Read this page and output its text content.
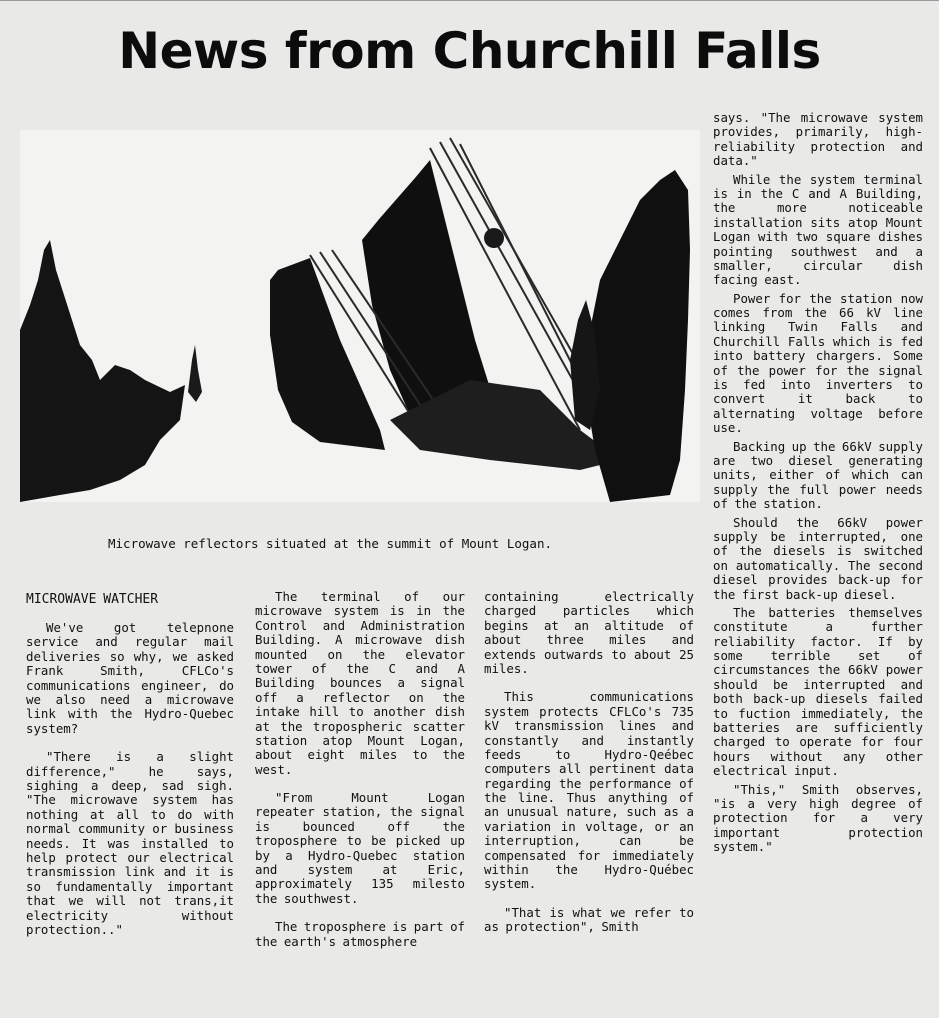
News from Churchill Falls
Microwave reflectors situated at the summit of Mount Logan.
MICROWAVE WATCHER

We've got telepnone service and regular mail deliveries so why, we asked Frank Smith, CFLCo's communications engineer, do we also need a microwave link with the Hydro-Quebec system?

"There is a slight difference," he says, sighing a deep, sad sigh. "The microwave system has nothing at all to do with normal community or business needs. It was installed to help protect our electrical transmission link and it is so fundamentally important that we will not trans,it electricity without protection.."

The terminal of our microwave system is in the Control and Administration Building. A microwave dish mounted on the elevator tower of the C and A Building bounces a signal off a reflector on the intake hill to another dish at the tropospheric scatter station atop Mount Logan, about eight miles to the west.

"From Mount Logan repeater station, the signal is bounced off the troposphere to be picked up by a Hydro-Quebec station and system at Eric, approximately 135 milesto the southwest.

The troposphere is part of the earth's atmosphere

containing electrically charged particles which begins at an altitude of about three miles and extends outwards to about 25 miles.

This communications system protects CFLCo's 735 kV transmission lines and constantly and instantly feeds to Hydro-Qeébec computers all pertinent data regarding the performance of the line. Thus anything of an unusual nature, such as a variation in voltage, or an interruption, can be compensated for immediately within the Hydro-Québec system.

"That is what we refer to as protection", Smith

says. "The microwave system provides, primarily, high-reliability protection and data."

While the system terminal is in the C and A Building, the more noticeable installation sits atop Mount Logan with two square dishes pointing southwest and a smaller, circular dish facing east.

Power for the station now comes from the 66 kV line linking Twin Falls and Churchill Falls which is fed into battery chargers. Some of the power for the signal is fed into inverters to convert it back to alternating voltage before use.

Backing up the 66kV supply are two diesel generating units, either of which can supply the full power needs of the station.

Should the 66kV power supply be interrupted, one of the diesels is switched on automatically. The second diesel provides back-up for the first back-up diesel.

The batteries themselves constitute a further reliability factor. If by some terrible set of circumstances the 66kV power should be interrupted and both back-up diesels failed to fuction immediately, the batteries are sufficiently charged to operate for four hours without any other electrical input.

"This," Smith observes, "is a very high degree of protection for a very important protection system."
